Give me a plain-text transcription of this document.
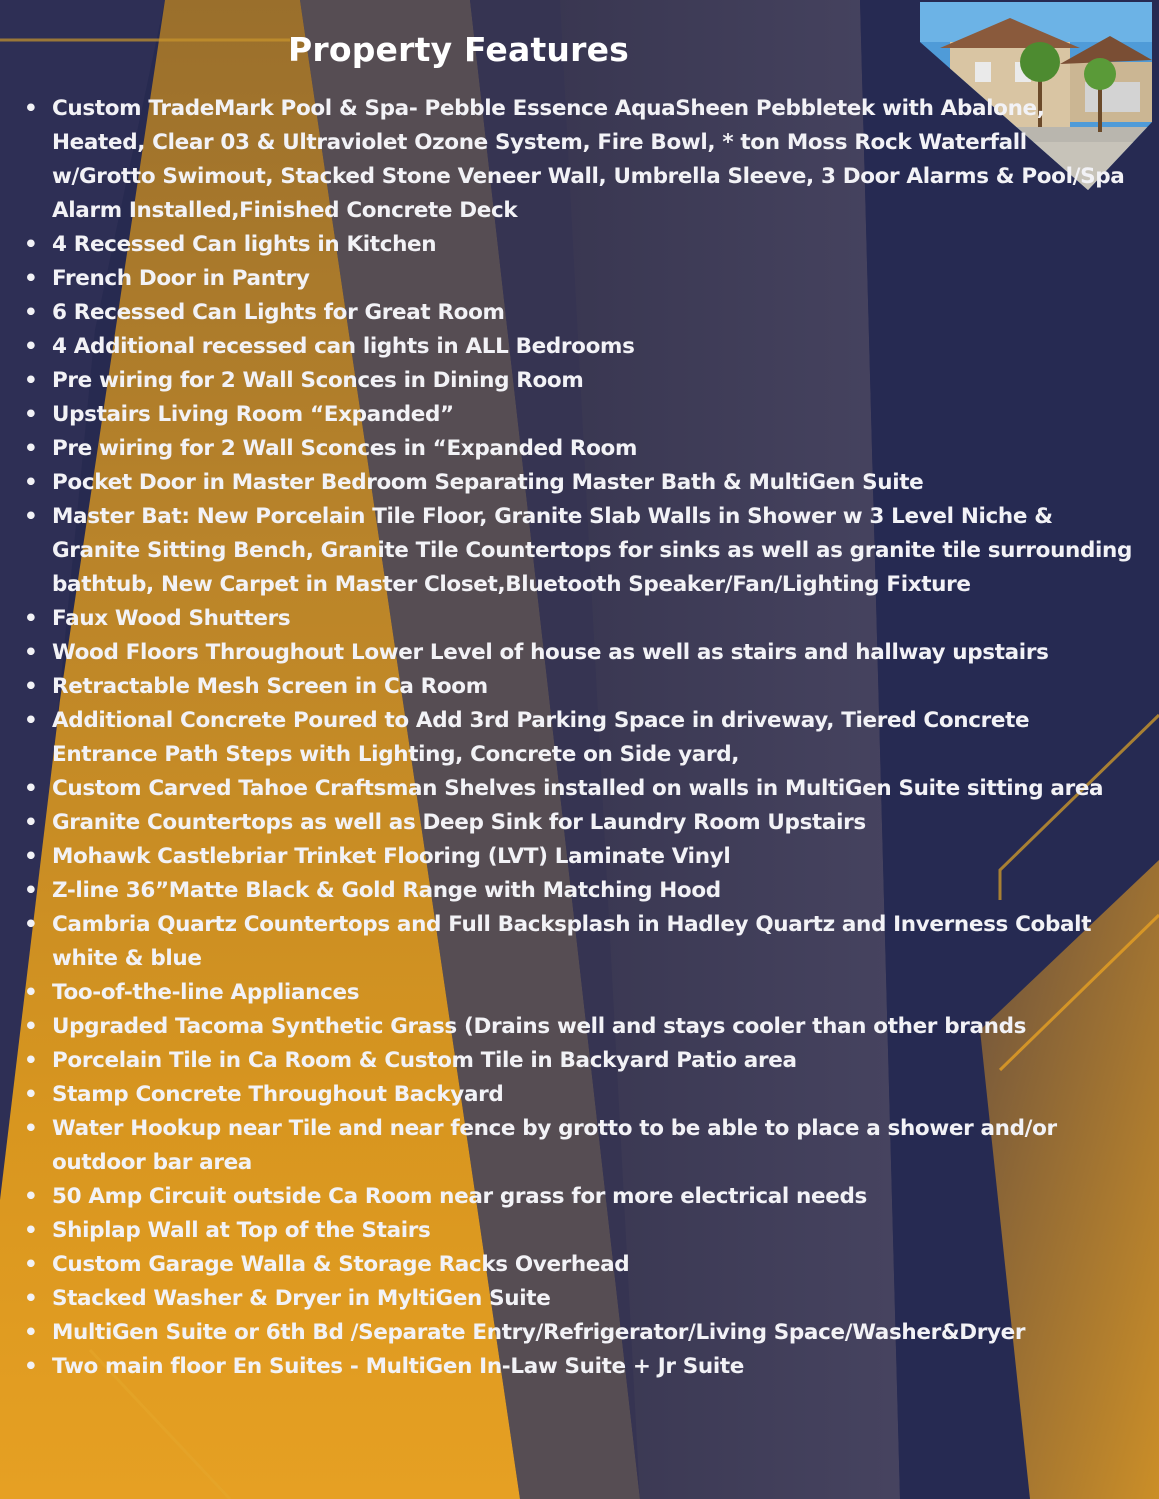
Property Features
• Custom TradeMark Pool & Spa- Pebble Essence AquaSheen Pebbletek with Abalone, Heated, Clear 03 & Ultraviolet Ozone System, Fire Bowl, * ton Moss Rock Waterfall w/Grotto Swimout, Stacked Stone Veneer Wall, Umbrella Sleeve, 3 Door Alarms & Pool/Spa Alarm Installed,Finished Concrete Deck
• 4 Recessed Can lights in Kitchen
• French Door in Pantry
• 6 Recessed Can Lights for Great Room
• 4 Additional recessed can lights in ALL Bedrooms
• Pre wiring for 2 Wall Sconces in Dining Room
• Upstairs Living Room “Expanded”
• Pre wiring for 2 Wall Sconces in “Expanded Room
• Pocket Door in Master Bedroom Separating Master Bath & MultiGen Suite
• Master Bat: New Porcelain Tile Floor, Granite Slab Walls in Shower w 3 Level Niche & Granite Sitting Bench, Granite Tile Countertops for sinks as well as granite tile surrounding bathtub, New Carpet in Master Closet,Bluetooth Speaker/Fan/Lighting Fixture
• Faux Wood Shutters
• Wood Floors Throughout Lower Level of house as well as stairs and hallway upstairs
• Retractable Mesh Screen in Ca Room
• Additional Concrete Poured to Add 3rd Parking Space in driveway, Tiered Concrete Entrance Path Steps with Lighting, Concrete on Side yard,
• Custom Carved Tahoe Craftsman Shelves installed on walls in MultiGen Suite sitting area
• Granite Countertops as well as Deep Sink for Laundry Room Upstairs
• Mohawk Castlebriar Trinket Flooring (LVT) Laminate Vinyl
• Z-line 36”Matte Black & Gold Range with Matching Hood
• Cambria Quartz Countertops and Full Backsplash in Hadley Quartz and Inverness Cobalt white & blue
• Too-of-the-line Appliances
• Upgraded Tacoma Synthetic Grass (Drains well and stays cooler than other brands
• Porcelain Tile in Ca Room & Custom Tile in Backyard Patio area
• Stamp Concrete Throughout Backyard
• Water Hookup near Tile and near fence by grotto to be able to place a shower and/or outdoor bar area
• 50 Amp Circuit outside Ca Room near grass for more electrical needs
• Shiplap Wall at Top of the Stairs
• Custom Garage Walla & Storage Racks Overhead
• Stacked Washer & Dryer in MyltiGen Suite
• MultiGen Suite or 6th Bd /Separate Entry/Refrigerator/Living Space/Washer&Dryer
• Two main floor En Suites - MultiGen In-Law Suite + Jr Suite
